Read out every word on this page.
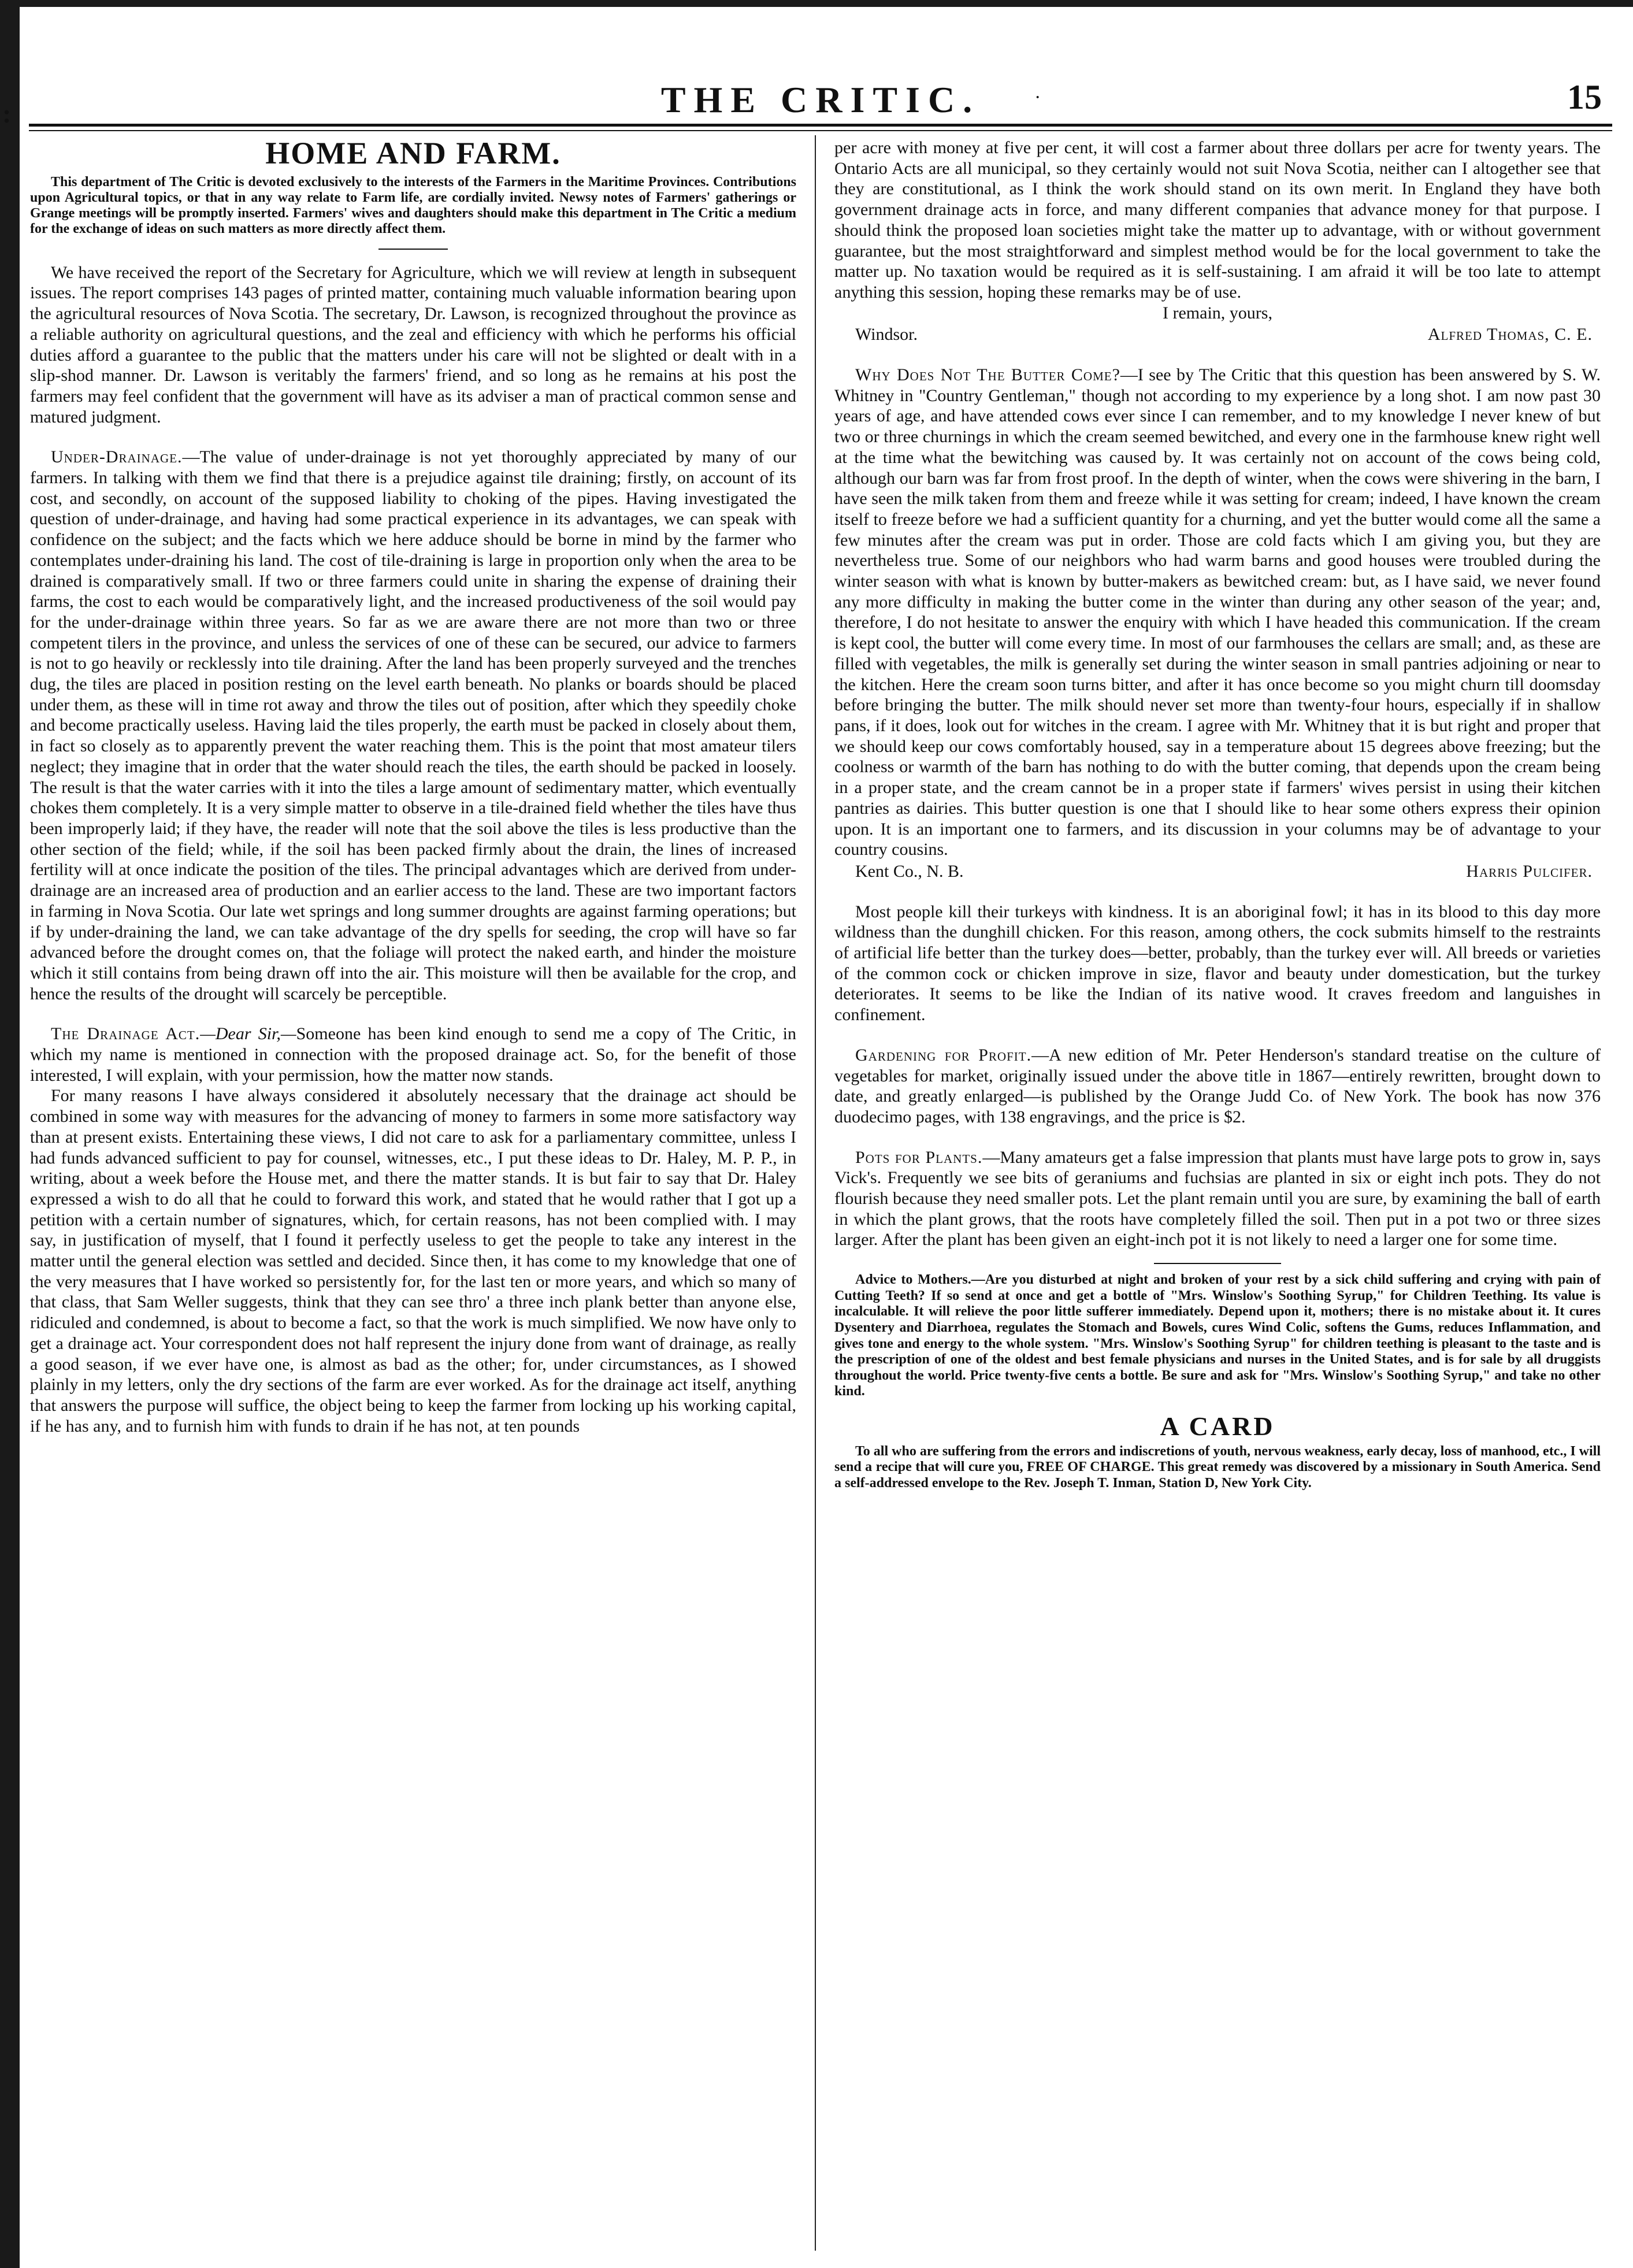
:	THE CRITIC.	·	15
HOME AND FARM.

This department of The Critic is devoted exclusively to the interests of the Farmers in the Maritime Provinces. Contributions upon Agricultural topics, or that in any way relate to Farm life, are cordially invited. Newsy notes of Farmers' gatherings or Grange meetings will be promptly inserted. Farmers' wives and daughters should make this department in The Critic a medium for the exchange of ideas on such matters as more directly affect them.

We have received the report of the Secretary for Agriculture, which we will review at length in subsequent issues. The report comprises 143 pages of printed matter, containing much valuable information bearing upon the agricultural resources of Nova Scotia. The secretary, Dr. Lawson, is recognized throughout the province as a reliable authority on agricultural questions, and the zeal and efficiency with which he performs his official duties afford a guarantee to the public that the matters under his care will not be slighted or dealt with in a slip-shod manner. Dr. Lawson is veritably the farmers' friend, and so long as he remains at his post the farmers may feel confident that the government will have as its adviser a man of practical common sense and matured judgment.

Under-Drainage.—The value of under-drainage is not yet thoroughly appreciated by many of our farmers. In talking with them we find that there is a prejudice against tile draining; firstly, on account of its cost, and secondly, on account of the supposed liability to choking of the pipes. Having investigated the question of under-drainage, and having had some practical experience in its advantages, we can speak with confidence on the subject; and the facts which we here adduce should be borne in mind by the farmer who contemplates under-draining his land. The cost of tile-draining is large in proportion only when the area to be drained is comparatively small. If two or three farmers could unite in sharing the expense of draining their farms, the cost to each would be comparatively light, and the increased productiveness of the soil would pay for the under-drainage within three years. So far as we are aware there are not more than two or three competent tilers in the province, and unless the services of one of these can be secured, our advice to farmers is not to go heavily or recklessly into tile draining. After the land has been properly surveyed and the trenches dug, the tiles are placed in position resting on the level earth beneath. No planks or boards should be placed under them, as these will in time rot away and throw the tiles out of position, after which they speedily choke and become practically useless. Having laid the tiles properly, the earth must be packed in closely about them, in fact so closely as to apparently prevent the water reaching them. This is the point that most amateur tilers neglect; they imagine that in order that the water should reach the tiles, the earth should be packed in loosely. The result is that the water carries with it into the tiles a large amount of sedimentary matter, which eventually chokes them completely. It is a very simple matter to observe in a tile-drained field whether the tiles have thus been improperly laid; if they have, the reader will note that the soil above the tiles is less productive than the other section of the field; while, if the soil has been packed firmly about the drain, the lines of increased fertility will at once indicate the position of the tiles. The principal advantages which are derived from under-drainage are an increased area of production and an earlier access to the land. These are two important factors in farming in Nova Scotia. Our late wet springs and long summer droughts are against farming operations; but if by under-draining the land, we can take advantage of the dry spells for seeding, the crop will have so far advanced before the drought comes on, that the foliage will protect the naked earth, and hinder the moisture which it still contains from being drawn off into the air. This moisture will then be available for the crop, and hence the results of the drought will scarcely be perceptible.

The Drainage Act.—Dear Sir,—Someone has been kind enough to send me a copy of The Critic, in which my name is mentioned in connection with the proposed drainage act. So, for the benefit of those interested, I will explain, with your permission, how the matter now stands.

For many reasons I have always considered it absolutely necessary that the drainage act should be combined in some way with measures for the advancing of money to farmers in some more satisfactory way than at present exists. Entertaining these views, I did not care to ask for a parliamentary committee, unless I had funds advanced sufficient to pay for counsel, witnesses, etc., I put these ideas to Dr. Haley, M. P. P., in writing, about a week before the House met, and there the matter stands. It is but fair to say that Dr. Haley expressed a wish to do all that he could to forward this work, and stated that he would rather that I got up a petition with a certain number of signatures, which, for certain reasons, has not been complied with. I may say, in justification of myself, that I found it perfectly useless to get the people to take any interest in the matter until the general election was settled and decided. Since then, it has come to my knowledge that one of the very measures that I have worked so persistently for, for the last ten or more years, and which so many of that class, that Sam Weller suggests, think that they can see thro' a three inch plank better than anyone else, ridiculed and condemned, is about to become a fact, so that the work is much simplified. We now have only to get a drainage act. Your correspondent does not half represent the injury done from want of drainage, as really a good season, if we ever have one, is almost as bad as the other; for, under circumstances, as I showed plainly in my letters, only the dry sections of the farm are ever worked. As for the drainage act itself, anything that answers the purpose will suffice, the object being to keep the farmer from locking up his working capital, if he has any, and to furnish him with funds to drain if he has not, at ten pounds

per acre with money at five per cent, it will cost a farmer about three dollars per acre for twenty years. The Ontario Acts are all municipal, so they certainly would not suit Nova Scotia, neither can I altogether see that they are constitutional, as I think the work should stand on its own merit. In England they have both government drainage acts in force, and many different companies that advance money for that purpose. I should think the proposed loan societies might take the matter up to advantage, with or without government guarantee, but the most straightforward and simplest method would be for the local government to take the matter up. No taxation would be required as it is self-sustaining. I am afraid it will be too late to attempt anything this session, hoping these remarks may be of use.

I remain, yours,

Windsor.	Alfred Thomas, C. E.

Why Does Not The Butter Come?—I see by The Critic that this question has been answered by S. W. Whitney in "Country Gentleman," though not according to my experience by a long shot. I am now past 30 years of age, and have attended cows ever since I can remember, and to my knowledge I never knew of but two or three churnings in which the cream seemed bewitched, and every one in the farmhouse knew right well at the time what the bewitching was caused by. It was certainly not on account of the cows being cold, although our barn was far from frost proof. In the depth of winter, when the cows were shivering in the barn, I have seen the milk taken from them and freeze while it was setting for cream; indeed, I have known the cream itself to freeze before we had a sufficient quantity for a churning, and yet the butter would come all the same a few minutes after the cream was put in order. Those are cold facts which I am giving you, but they are nevertheless true. Some of our neighbors who had warm barns and good houses were troubled during the winter season with what is known by butter-makers as bewitched cream: but, as I have said, we never found any more difficulty in making the butter come in the winter than during any other season of the year; and, therefore, I do not hesitate to answer the enquiry with which I have headed this communication. If the cream is kept cool, the butter will come every time. In most of our farmhouses the cellars are small; and, as these are filled with vegetables, the milk is generally set during the winter season in small pantries adjoining or near to the kitchen. Here the cream soon turns bitter, and after it has once become so you might churn till doomsday before bringing the butter. The milk should never set more than twenty-four hours, especially if in shallow pans, if it does, look out for witches in the cream. I agree with Mr. Whitney that it is but right and proper that we should keep our cows comfortably housed, say in a temperature about 15 degrees above freezing; but the coolness or warmth of the barn has nothing to do with the butter coming, that depends upon the cream being in a proper state, and the cream cannot be in a proper state if farmers' wives persist in using their kitchen pantries as dairies. This butter question is one that I should like to hear some others express their opinion upon. It is an important one to farmers, and its discussion in your columns may be of advantage to your country cousins.

Kent Co., N. B.	Harris Pulcifer.

Most people kill their turkeys with kindness. It is an aboriginal fowl; it has in its blood to this day more wildness than the dunghill chicken. For this reason, among others, the cock submits himself to the restraints of artificial life better than the turkey does—better, probably, than the turkey ever will. All breeds or varieties of the common cock or chicken improve in size, flavor and beauty under domestication, but the turkey deteriorates. It seems to be like the Indian of its native wood. It craves freedom and languishes in confinement.

Gardening for Profit.—A new edition of Mr. Peter Henderson's standard treatise on the culture of vegetables for market, originally issued under the above title in 1867—entirely rewritten, brought down to date, and greatly enlarged—is published by the Orange Judd Co. of New York. The book has now 376 duodecimo pages, with 138 engravings, and the price is $2.

Pots for Plants.—Many amateurs get a false impression that plants must have large pots to grow in, says Vick's. Frequently we see bits of geraniums and fuchsias are planted in six or eight inch pots. They do not flourish because they need smaller pots. Let the plant remain until you are sure, by examining the ball of earth in which the plant grows, that the roots have completely filled the soil. Then put in a pot two or three sizes larger. After the plant has been given an eight-inch pot it is not likely to need a larger one for some time.

Advice to Mothers.—Are you disturbed at night and broken of your rest by a sick child suffering and crying with pain of Cutting Teeth? If so send at once and get a bottle of "Mrs. Winslow's Soothing Syrup," for Children Teething. Its value is incalculable. It will relieve the poor little sufferer immediately. Depend upon it, mothers; there is no mistake about it. It cures Dysentery and Diarrhoea, regulates the Stomach and Bowels, cures Wind Colic, softens the Gums, reduces Inflammation, and gives tone and energy to the whole system. "Mrs. Winslow's Soothing Syrup" for children teething is pleasant to the taste and is the prescription of one of the oldest and best female physicians and nurses in the United States, and is for sale by all druggists throughout the world. Price twenty-five cents a bottle. Be sure and ask for "Mrs. Winslow's Soothing Syrup," and take no other kind.

A CARD

To all who are suffering from the errors and indiscretions of youth, nervous weakness, early decay, loss of manhood, etc., I will send a recipe that will cure you, FREE OF CHARGE. This great remedy was discovered by a missionary in South America. Send a self-addressed envelope to the Rev. Joseph T. Inman, Station D, New York City.
